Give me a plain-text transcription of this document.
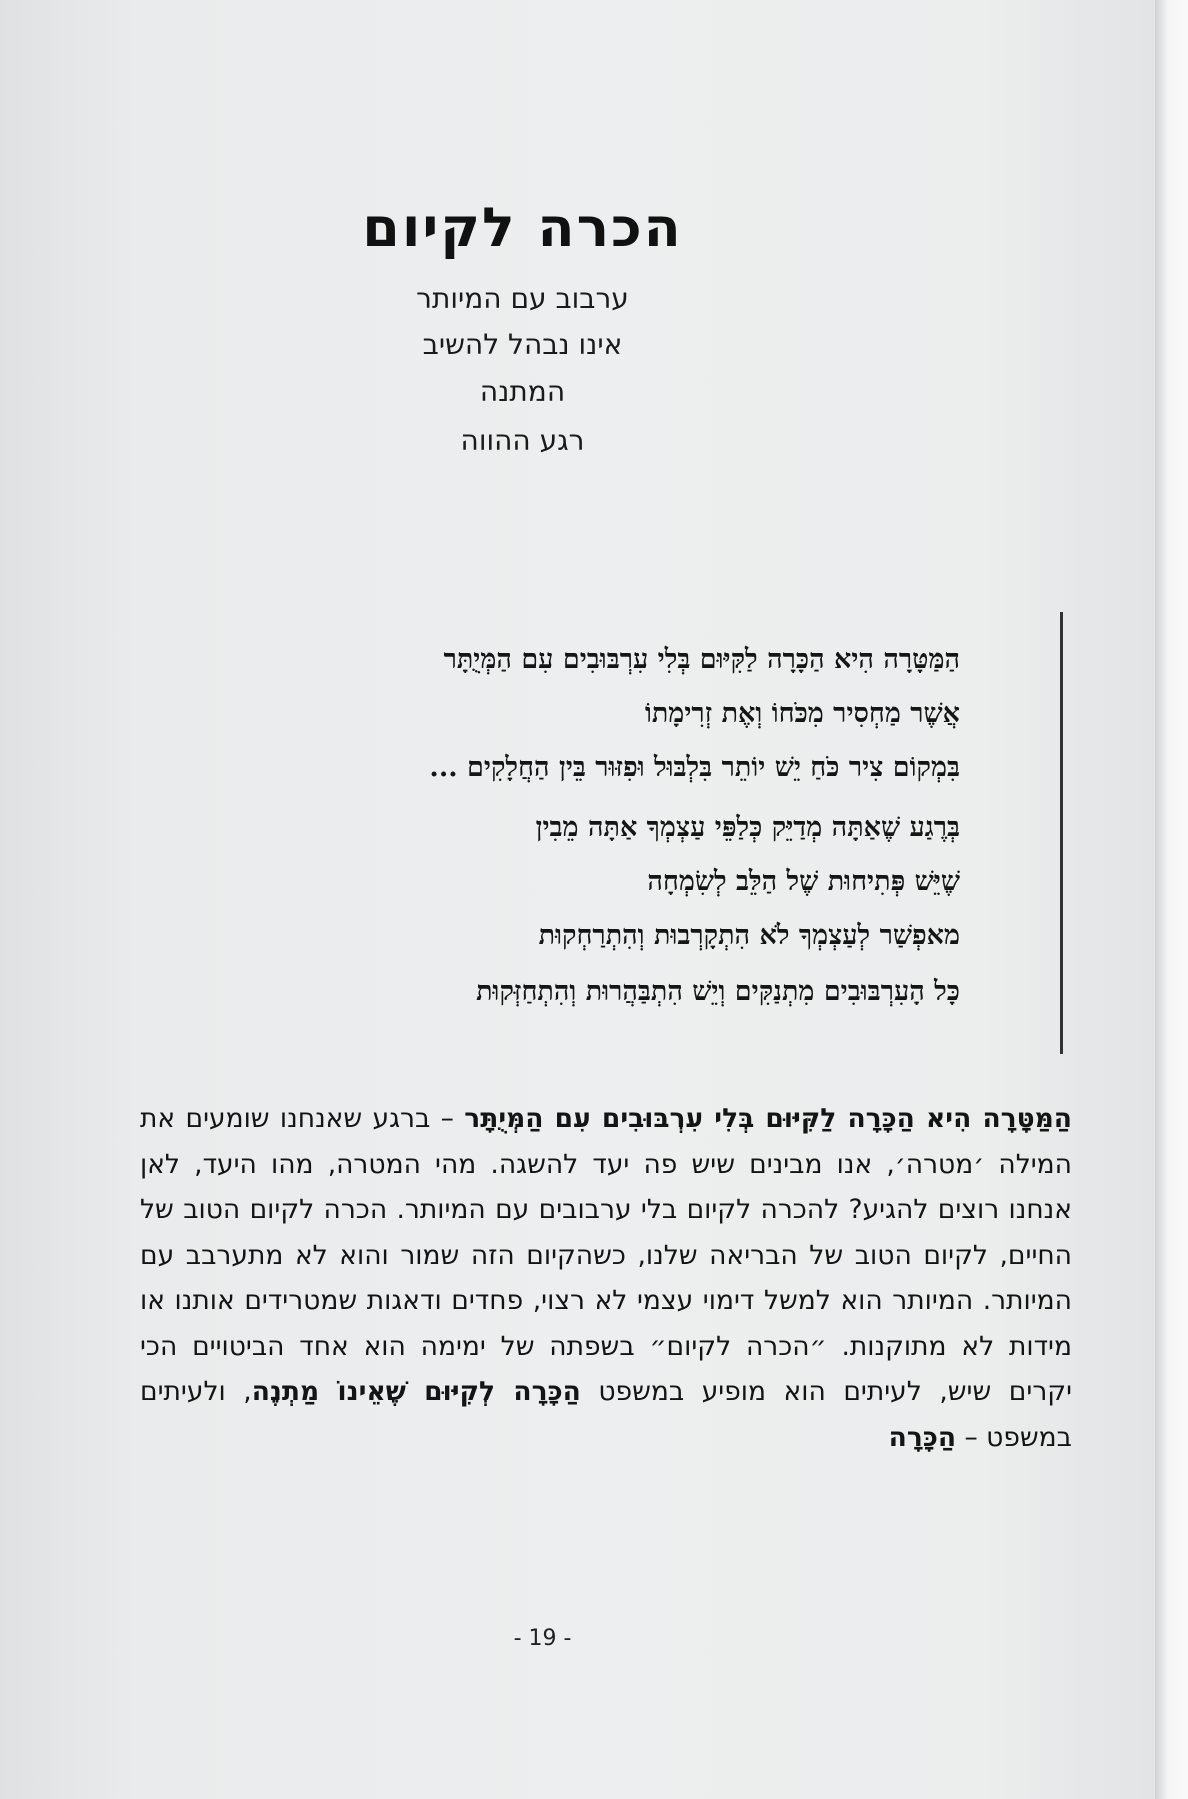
הכרה לקיום
ערבוב עם המיותר
אינו נבהל להשיב
המתנה
רגע ההווה
הַמַּטָּרָה הִיא הַכָּרָה לַקִּיּוּם בְּלִי עִרְבּוּבִים עִם הַמְּיֻתָּר
אֲשֶׁר מַחְסִיר מִכֹּחוֹ וְאֶת זְרִימָתוֹ
בִּמְקוֹם צִיר כֹּחַ יֵשׁ יוֹתֵר בִּלְבּוּל וּפִזּוּר בֵּין הַחֲלָקִים ...
בְּרֶגַע שֶׁאַתָּה מְדַיֵּק כְּלַפֵּי עַצְמְךָ אַתָּה מֵבִין
שֶׁיֵּשׁ פְּתִיחוּת שֶׁל הַלֵּב לְשִׂמְחָה
מאפְשַׁר לְעַצְמְךָ לֹא הִתְקָרְבוּת וְהִתְרַחְקוּת
כָּל הָעִרְבּוּבִים מִתְנַקִּים וְיֵשׁ הִתְבַּהֲרוּת וְהִתְחַזְּקוּת
הַמַּטָּרָה הִיא הַכָּרָה לַקִּיּוּם בְּלִי עִרְבּוּבִים עִם הַמְּיֻתָּר – ברגע שאנחנו שומעים את המילה ׳מטרה׳, אנו מבינים שיש פה יעד להשגה. מהי המטרה, מהו היעד, לאן אנחנו רוצים להגיע? להכרה לקיום בלי ערבובים עם המיותר. הכרה לקיום הטוב של החיים, לקיום הטוב של הבריאה שלנו, כשהקיום הזה שמור והוא לא מתערבב עם המיותר. המיותר הוא למשל דימוי עצמי לא רצוי, פחדים ודאגות שמטרידים אותנו או מידות לא מתוקנות. ״הכרה לקיום״ בשפתה של ימימה הוא אחד הביטויים הכי יקרים שיש, לעיתים הוא מופיע במשפט הַכָּרָה לְקִיּוּם שֶׁאֵינוֹ מַתְנֶה, ולעיתים במשפט – הַכָּרָה
- 19 -
